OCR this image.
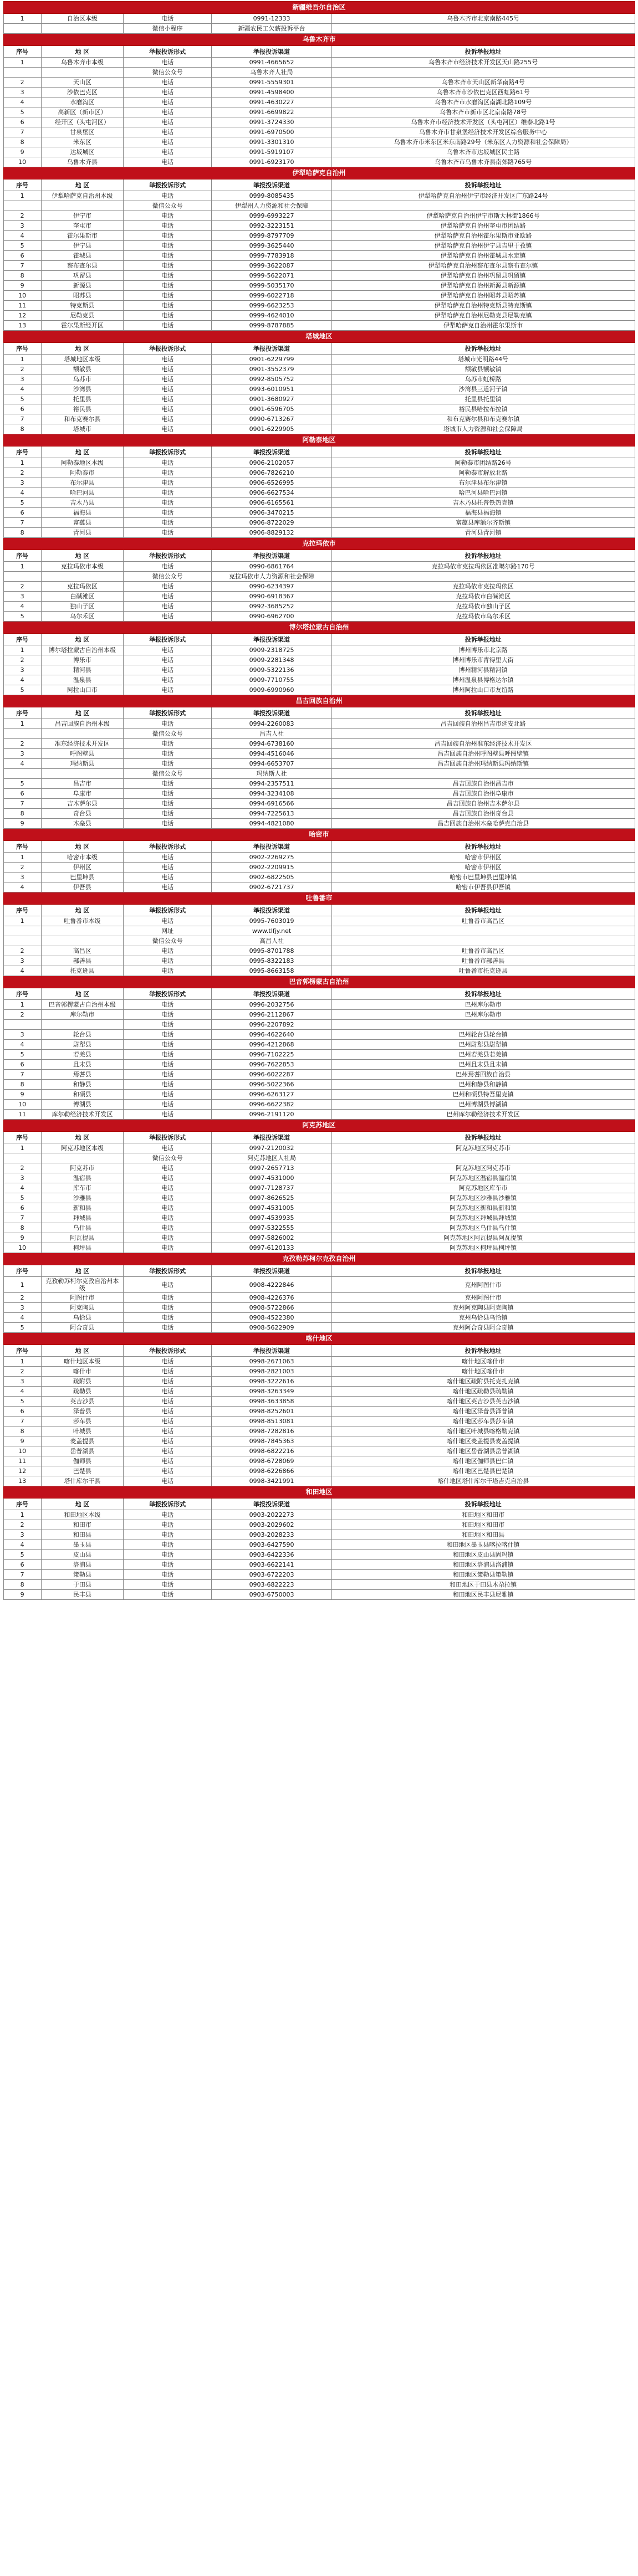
新疆维吾尔自治区				
1	自治区本级	电话	0991-12333	乌鲁木齐市北京南路445号
		微信小程序	新疆农民工欠薪投诉平台	
乌鲁木齐市				
序号	地 区	举报投诉形式	举报投诉渠道	投诉举报地址
1	乌鲁木齐市本级	电话	0991-4665652	乌鲁木齐市经济技术开发区天山路255号
		微信公众号	乌鲁木齐人社局	
2	天山区	电话	0991-5559301	乌鲁木齐市天山区新华南路4号
3	沙依巴克区	电话	0991-4598400	乌鲁木齐市沙依巴克区西虹路61号
4	水磨沟区	电话	0991-4630227	乌鲁木齐市水磨沟区南湖北路109号
5	高新区（新市区）	电话	0991-6699822	乌鲁木齐市新市区北京南路78号
6	经开区（头屯河区）	电话	0991-3724330	乌鲁木齐市经济技术开发区（头屯河区）维泰北路1号
7	甘泉堡区	电话	0991-6970500	乌鲁木齐市甘泉堡经济技术开发区综合服务中心
8	米东区	电话	0991-3301310	乌鲁木齐市米东区米东南路29号（米东区人力资源和社会保障局）
9	达坂城区	电话	0991-5919107	乌鲁木齐市达坂城区民主路
10	乌鲁木齐县	电话	0991-6923170	乌鲁木齐市乌鲁木齐县南郊路765号
伊犁哈萨克自治州				
序号	地 区	举报投诉形式	举报投诉渠道	投诉举报地址
1	伊犁哈萨克自治州本级	电话	0999-8085435	伊犁哈萨克自治州伊宁市经济开发区广东路24号
		微信公众号	伊犁州人力资源和社会保障	
2	伊宁市	电话	0999-6993227	伊犁哈萨克自治州伊宁市斯大林街1866号
3	奎屯市	电话	0992-3223151	伊犁哈萨克自治州奎屯市团结路
4	霍尔果斯市	电话	0999-8797709	伊犁哈萨克自治州霍尔果斯市亚欧路
5	伊宁县	电话	0999-3625440	伊犁哈萨克自治州伊宁县吉里于孜镇
6	霍城县	电话	0999-7783918	伊犁哈萨克自治州霍城县水定镇
7	察布查尔县	电话	0999-3622087	伊犁哈萨克自治州察布查尔县察布查尔镇
8	巩留县	电话	0999-5622071	伊犁哈萨克自治州巩留县巩留镇
9	新源县	电话	0999-5035170	伊犁哈萨克自治州新源县新源镇
10	昭苏县	电话	0999-6022718	伊犁哈萨克自治州昭苏县昭苏镇
11	特克斯县	电话	0999-6623253	伊犁哈萨克自治州特克斯县特克斯镇
12	尼勒克县	电话	0999-4624010	伊犁哈萨克自治州尼勒克县尼勒克镇
13	霍尔果斯经开区	电话	0999-8787885	伊犁哈萨克自治州霍尔果斯市
塔城地区				
序号	地 区	举报投诉形式	举报投诉渠道	投诉举报地址
1	塔城地区本级	电话	0901-6229799	塔城市光明路44号
2	额敏县	电话	0901-3552379	额敏县额敏镇
3	乌苏市	电话	0992-8505752	乌苏市虹桥路
4	沙湾县	电话	0993-6010951	沙湾县三道河子镇
5	托里县	电话	0901-3680927	托里县托里镇
6	裕民县	电话	0901-6596705	裕民县哈拉布拉镇
7	和布克赛尔县	电话	0990-6713267	和布克赛尔县和布克赛尔镇
8	塔城市	电话	0901-6229905	塔城市人力资源和社会保障局
阿勒泰地区				
序号	地 区	举报投诉形式	举报投诉渠道	投诉举报地址
1	阿勒泰地区本级	电话	0906-2102057	阿勒泰市团结路26号
2	阿勒泰市	电话	0906-7826210	阿勒泰市解放北路
3	布尔津县	电话	0906-6526995	布尔津县布尔津镇
4	哈巴河县	电话	0906-6627534	哈巴河县哈巴河镇
5	吉木乃县	电话	0906-6165561	吉木乃县托普铁热克镇
6	福海县	电话	0906-3470215	福海县福海镇
7	富蕴县	电话	0906-8722029	富蕴县库额尔齐斯镇
8	青河县	电话	0906-8829132	青河县青河镇
克拉玛依市				
序号	地 区	举报投诉形式	举报投诉渠道	投诉举报地址
1	克拉玛依市本级	电话	0990-6861764	克拉玛依市克拉玛依区准噶尔路170号
		微信公众号	克拉玛依市人力资源和社会保障	
2	克拉玛依区	电话	0990-6234397	克拉玛依市克拉玛依区
3	白碱滩区	电话	0990-6918367	克拉玛依市白碱滩区
4	独山子区	电话	0992-3685252	克拉玛依市独山子区
5	乌尔禾区	电话	0990-6962700	克拉玛依市乌尔禾区
博尔塔拉蒙古自治州				
序号	地 区	举报投诉形式	举报投诉渠道	投诉举报地址
1	博尔塔拉蒙古自治州本级	电话	0909-2318725	博州博乐市北京路
2	博乐市	电话	0909-2281348	博州博乐市青得里大街
3	精河县	电话	0909-5322136	博州精河县精河镇
4	温泉县	电话	0909-7710755	博州温泉县博格达尔镇
5	阿拉山口市	电话	0909-6990960	博州阿拉山口市友谊路
昌吉回族自治州				
序号	地 区	举报投诉形式	举报投诉渠道	投诉举报地址
1	昌吉回族自治州本级	电话	0994-2260083	昌吉回族自治州昌吉市延安北路
		微信公众号	昌吉人社	
2	准东经济技术开发区	电话	0994-6738160	昌吉回族自治州准东经济技术开发区
3	呼图壁县	电话	0994-4516046	昌吉回族自治州呼图壁县呼图壁镇
4	玛纳斯县	电话	0994-6653707	昌吉回族自治州玛纳斯县玛纳斯镇
		微信公众号	玛纳斯人社	
5	昌吉市	电话	0994-2357511	昌吉回族自治州昌吉市
6	阜康市	电话	0994-3234108	昌吉回族自治州阜康市
7	吉木萨尔县	电话	0994-6916566	昌吉回族自治州吉木萨尔县
8	奇台县	电话	0994-7225613	昌吉回族自治州奇台县
9	木垒县	电话	0994-4821080	昌吉回族自治州木垒哈萨克自治县
哈密市				
序号	地 区	举报投诉形式	举报投诉渠道	投诉举报地址
1	哈密市本级	电话	0902-2269275	哈密市伊州区
2	伊州区	电话	0902-2209915	哈密市伊州区
3	巴里坤县	电话	0902-6822505	哈密市巴里坤县巴里坤镇
4	伊吾县	电话	0902-6721737	哈密市伊吾县伊吾镇
吐鲁番市				
序号	地 区	举报投诉形式	举报投诉渠道	投诉举报地址
1	吐鲁番市本级	电话	0995-7603019	吐鲁番市高昌区
		网址	www.tlfjy.net	
		微信公众号	高昌人社	
2	高昌区	电话	0995-8701788	吐鲁番市高昌区
3	鄯善县	电话	0995-8322183	吐鲁番市鄯善县
4	托克逊县	电话	0995-8663158	吐鲁番市托克逊县
巴音郭楞蒙古自治州				
序号	地 区	举报投诉形式	举报投诉渠道	投诉举报地址
1	巴音郭楞蒙古自治州本级	电话	0996-2032756	巴州库尔勒市
2	库尔勒市	电话	0996-2112867	巴州库尔勒市
		电话	0996-2207892	
3	轮台县	电话	0996-4622640	巴州轮台县轮台镇
4	尉犁县	电话	0996-4212868	巴州尉犁县尉犁镇
5	若羌县	电话	0996-7102225	巴州若羌县若羌镇
6	且末县	电话	0996-7622853	巴州且末县且末镇
7	焉耆县	电话	0996-6022287	巴州焉耆回族自治县
8	和静县	电话	0996-5022366	巴州和静县和静镇
9	和硕县	电话	0996-6263127	巴州和硕县特吾里克镇
10	博湖县	电话	0996-6622382	巴州博湖县博湖镇
11	库尔勒经济技术开发区	电话	0996-2191120	巴州库尔勒经济技术开发区
阿克苏地区				
序号	地 区	举报投诉形式	举报投诉渠道	投诉举报地址
1	阿克苏地区本级	电话	0997-2120032	阿克苏地区阿克苏市
		微信公众号	阿克苏地区人社局	
2	阿克苏市	电话	0997-2657713	阿克苏地区阿克苏市
3	温宿县	电话	0997-4531000	阿克苏地区温宿县温宿镇
4	库车市	电话	0997-7128737	阿克苏地区库车市
5	沙雅县	电话	0997-8626525	阿克苏地区沙雅县沙雅镇
6	新和县	电话	0997-4531005	阿克苏地区新和县新和镇
7	拜城县	电话	0997-4539935	阿克苏地区拜城县拜城镇
8	乌什县	电话	0997-5322555	阿克苏地区乌什县乌什镇
9	阿瓦提县	电话	0997-5826002	阿克苏地区阿瓦提县阿瓦提镇
10	柯坪县	电话	0997-6120133	阿克苏地区柯坪县柯坪镇
克孜勒苏柯尔克孜自治州				
序号	地 区	举报投诉形式	举报投诉渠道	投诉举报地址
1	克孜勒苏柯尔克孜自治州本级	电话	0908-4222846	克州阿图什市
2	阿图什市	电话	0908-4226376	克州阿图什市
3	阿克陶县	电话	0908-5722866	克州阿克陶县阿克陶镇
4	乌恰县	电话	0908-4522380	克州乌恰县乌恰镇
5	阿合奇县	电话	0908-5622909	克州阿合奇县阿合奇镇
喀什地区				
序号	地 区	举报投诉形式	举报投诉渠道	投诉举报地址
1	喀什地区本级	电话	0998-2671063	喀什地区喀什市
2	喀什市	电话	0998-2821003	喀什地区喀什市
3	疏附县	电话	0998-3222616	喀什地区疏附县托克扎克镇
4	疏勒县	电话	0998-3263349	喀什地区疏勒县疏勒镇
5	英吉沙县	电话	0998-3633858	喀什地区英吉沙县英吉沙镇
6	泽普县	电话	0998-8252601	喀什地区泽普县泽普镇
7	莎车县	电话	0998-8513081	喀什地区莎车县莎车镇
8	叶城县	电话	0998-7282816	喀什地区叶城县喀格勒克镇
9	麦盖提县	电话	0998-7845363	喀什地区麦盖提县麦盖提镇
10	岳普湖县	电话	0998-6822216	喀什地区岳普湖县岳普湖镇
11	伽师县	电话	0998-6728069	喀什地区伽师县巴仁镇
12	巴楚县	电话	0998-6226866	喀什地区巴楚县巴楚镇
13	塔什库尔干县	电话	0998-3421991	喀什地区塔什库尔干塔吉克自治县
和田地区				
序号	地 区	举报投诉形式	举报投诉渠道	投诉举报地址
1	和田地区本级	电话	0903-2022273	和田地区和田市
2	和田市	电话	0903-2029602	和田地区和田市
3	和田县	电话	0903-2028233	和田地区和田县
4	墨玉县	电话	0903-6427590	和田地区墨玉县喀拉喀什镇
5	皮山县	电话	0903-6422336	和田地区皮山县固玛镇
6	洛浦县	电话	0903-6622141	和田地区洛浦县洛浦镇
7	策勒县	电话	0903-6722203	和田地区策勒县策勒镇
8	于田县	电话	0903-6822223	和田地区于田县木尕拉镇
9	民丰县	电话	0903-6750003	和田地区民丰县尼雅镇
